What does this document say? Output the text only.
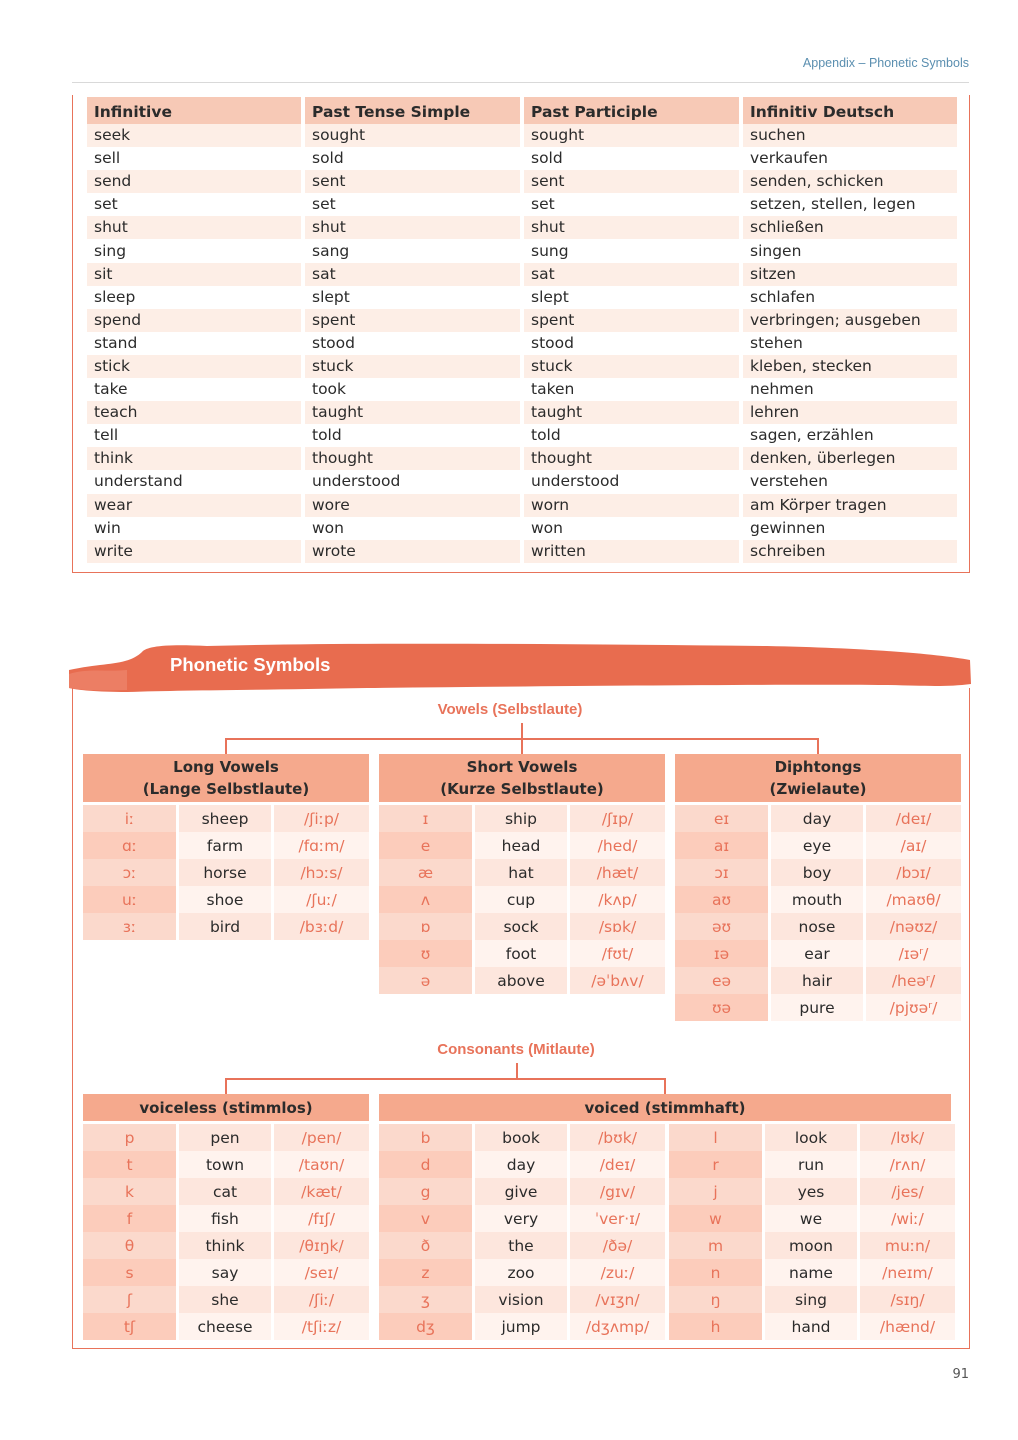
Appendix – Phonetic Symbols
Infinitive	Past Tense Simple	Past Participle	Infinitiv Deutsch
seek	sought	sought	suchen
sell	sold	sold	verkaufen
send	sent	sent	senden, schicken
set	set	set	setzen, stellen, legen
shut	shut	shut	schließen
sing	sang	sung	singen
sit	sat	sat	sitzen
sleep	slept	slept	schlafen
spend	spent	spent	verbringen; ausgeben
stand	stood	stood	stehen
stick	stuck	stuck	kleben, stecken
take	took	taken	nehmen
teach	taught	taught	lehren
tell	told	told	sagen, erzählen
think	thought	thought	denken, überlegen
understand	understood	understood	verstehen
wear	wore	worn	am Körper tragen
win	won	won	gewinnen
write	wrote	written	schreiben
Phonetic Symbols
Vowels (Selbstlaute)
Long Vowels
(Lange Selbstlaute)
iː	sheep	/ʃiːp/
ɑː	farm	/fɑːm/
ɔː	horse	/hɔːs/
uː	shoe	/ʃuː/
ɜː	bird	/bɜːd/
Short Vowels
(Kurze Selbstlaute)
ɪ	ship	/ʃɪp/
e	head	/hed/
æ	hat	/hæt/
ʌ	cup	/kʌp/
ɒ	sock	/sɒk/
ʊ	foot	/fʊt/
ə	above	/əˈbʌv/
Diphtongs
(Zwielaute)
eɪ	day	/deɪ/
aɪ	eye	/aɪ/
ɔɪ	boy	/bɔɪ/
aʊ	mouth	/maʊθ/
əʊ	nose	/nəʊz/
ɪə	ear	/ɪəʳ/
eə	hair	/heəʳ/
ʊə	pure	/pjʊəʳ/
Consonants (Mitlaute)
voiceless (stimmlos)
p	pen	/pen/
t	town	/taʊn/
k	cat	/kæt/
f	fish	/fɪʃ/
θ	think	/θɪŋk/
s	say	/seɪ/
ʃ	she	/ʃiː/
tʃ	cheese	/tʃiːz/
voiced (stimmhaft)
b	book	/bʊk/
d	day	/deɪ/
g	give	/gɪv/
v	very	ˈver·ɪ/
ð	the	/ðə/
z	zoo	/zuː/
ʒ	vision	/vɪʒn/
dʒ	jump	/dʒʌmp/
l	look	/lʊk/
r	run	/rʌn/
j	yes	/jes/
w	we	/wiː/
m	moon	muːn/
n	name	/neɪm/
ŋ	sing	/sɪŋ/
h	hand	/hænd/
91
